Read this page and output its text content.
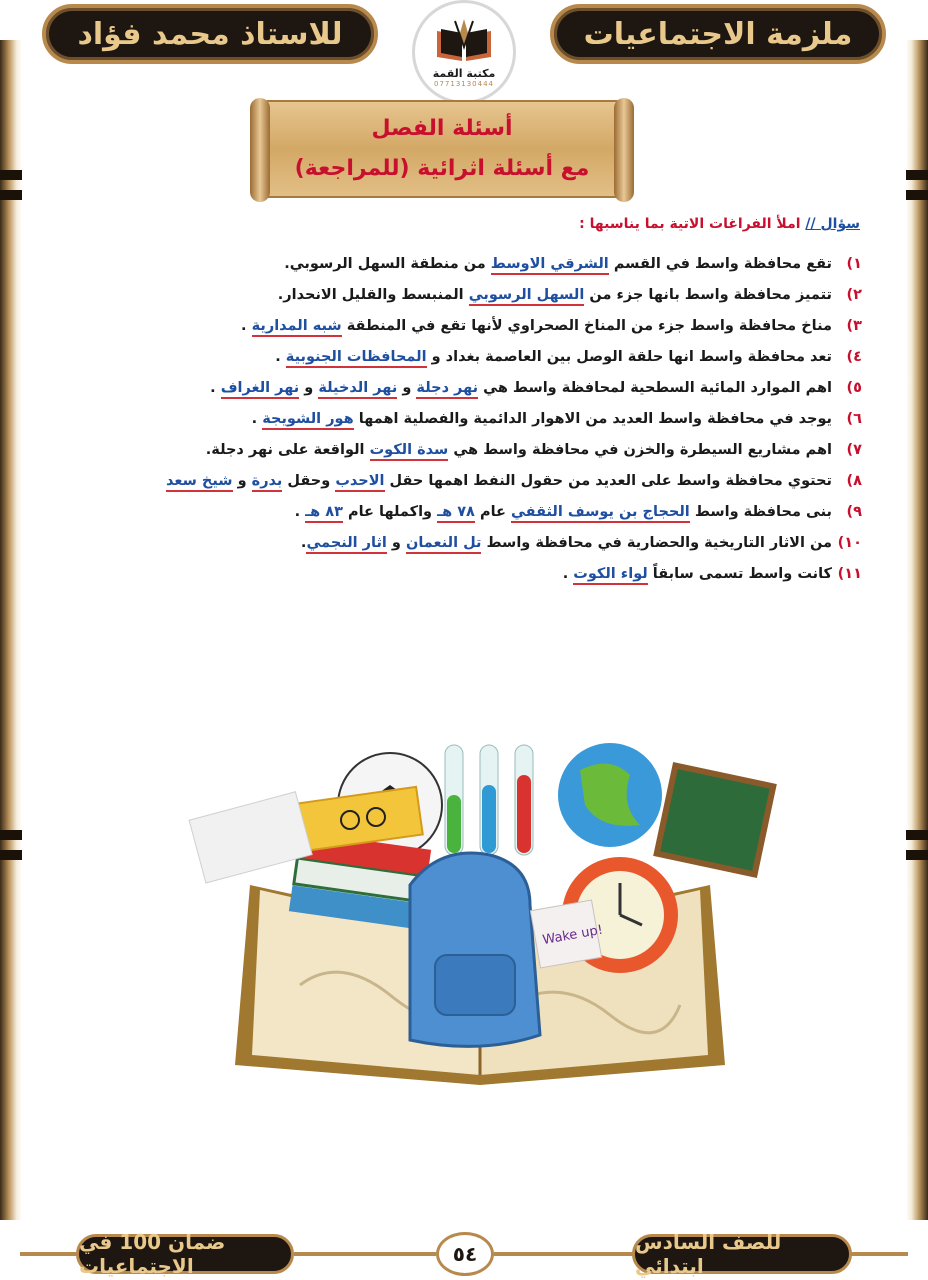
للاستاذ محمد فؤاد	ملزمة الاجتماعيات
مكتبة القمة
07713130444
أسئلة الفصل
مع أسئلة اثرائية (للمراجعة)
سؤال // املأ الفراغات الاتية بما يناسبها :
١)
تقع محافظة واسط في القسم الشرقي الاوسط من منطقة السهل الرسوبي.
٢)
تتميز محافظة واسط بانها جزء من السهل الرسوبي المنبسط والقليل الانحدار.
٣)
مناخ محافظة واسط جزء من المناخ الصحراوي لأنها تقع في المنطقة شبه المدارية .
٤)
تعد محافظة واسط انها حلقة الوصل بين العاصمة بغداد و المحافظات الجنوبية .
٥)
اهم الموارد المائية السطحية لمحافظة واسط هي نهر دجلة و نهر الدخيلة و نهر الغراف .
٦)
يوجد في محافظة واسط العديد من الاهوار الدائمية والفصلية اهمها هور الشويجة .
٧)
اهم مشاريع السيطرة والخزن في محافظة واسط هي سدة الكوت الواقعة على نهر دجلة.
٨)
تحتوي محافظة واسط على العديد من حقول النفط اهمها حقل الاحدب وحقل بدرة و شيخ سعد
٩)
بنى محافظة واسط الحجاج بن يوسف الثقفي عام ٧٨ هـ واكملها عام ٨٣ هـ .
١٠)
من الاثار التاريخية والحضارية في محافظة واسط تل النعمان و اثار النجمي.
١١)
كانت واسط تسمى سابقاً لواء الكوت .
Wake up!
ضمان 100 في الاجتماعيات	٥٤	للصف السادس ابتدائي
